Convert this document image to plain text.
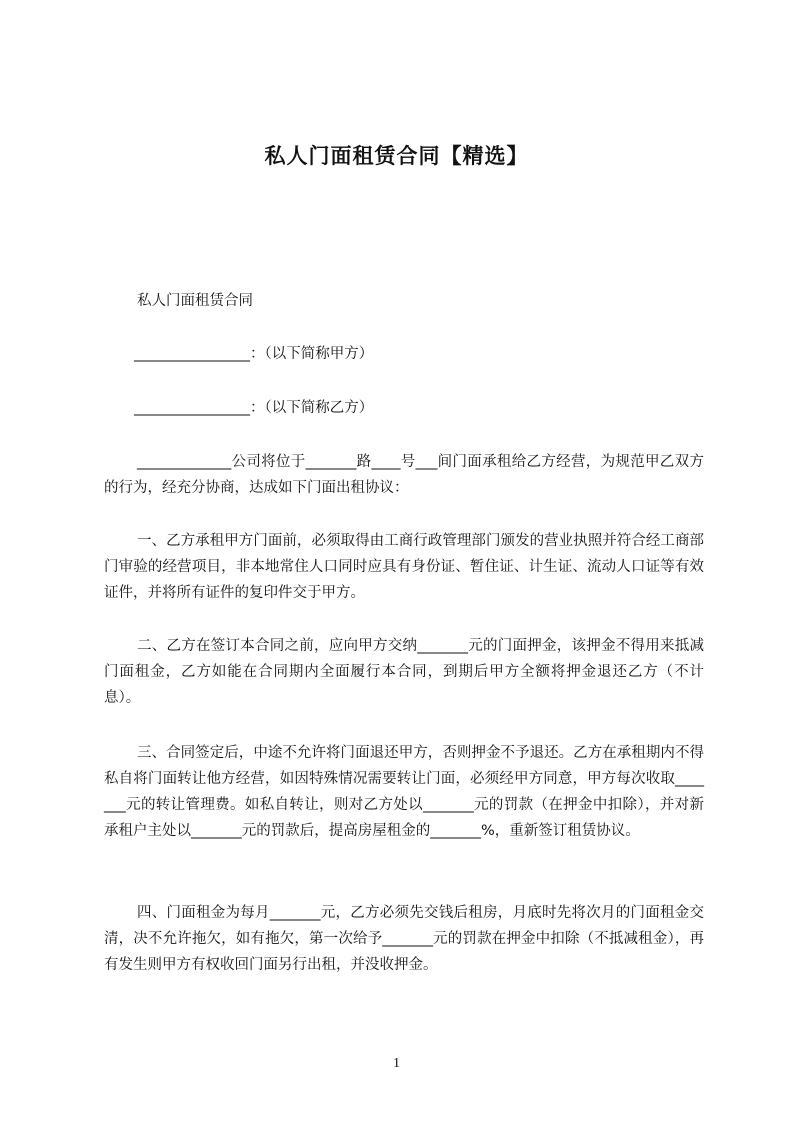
私人门面租赁合同【精选】
私人门面租赁合同
________________：（以下简称甲方）
________________：（以下简称乙方）
_____________公司将位于_______路____号___间门面承租给乙方经营，为规范甲乙双方的行为，经充分协商，达成如下门面出租协议：
一、乙方承租甲方门面前，必须取得由工商行政管理部门颁发的营业执照并符合经工商部门审验的经营项目，非本地常住人口同时应具有身份证、暂住证、计生证、流动人口证等有效证件，并将所有证件的复印件交于甲方。
二、乙方在签订本合同之前，应向甲方交纳_______元的门面押金，该押金不得用来抵减门面租金，乙方如能在合同期内全面履行本合同，到期后甲方全额将押金退还乙方（不计息）。
三、合同签定后，中途不允许将门面退还甲方，否则押金不予退还。乙方在承租期内不得私自将门面转让他方经营，如因特殊情况需要转让门面，必须经甲方同意，甲方每次收取_______元的转让管理费。如私自转让，则对乙方处以_______元的罚款（在押金中扣除），并对新承租户主处以_______元的罚款后，提高房屋租金的_______%，重新签订租赁协议。
四、门面租金为每月_______元，乙方必须先交钱后租房，月底时先将次月的门面租金交清，决不允许拖欠，如有拖欠，第一次给予_______元的罚款在押金中扣除（不抵减租金），再有发生则甲方有权收回门面另行出租，并没收押金。
1
